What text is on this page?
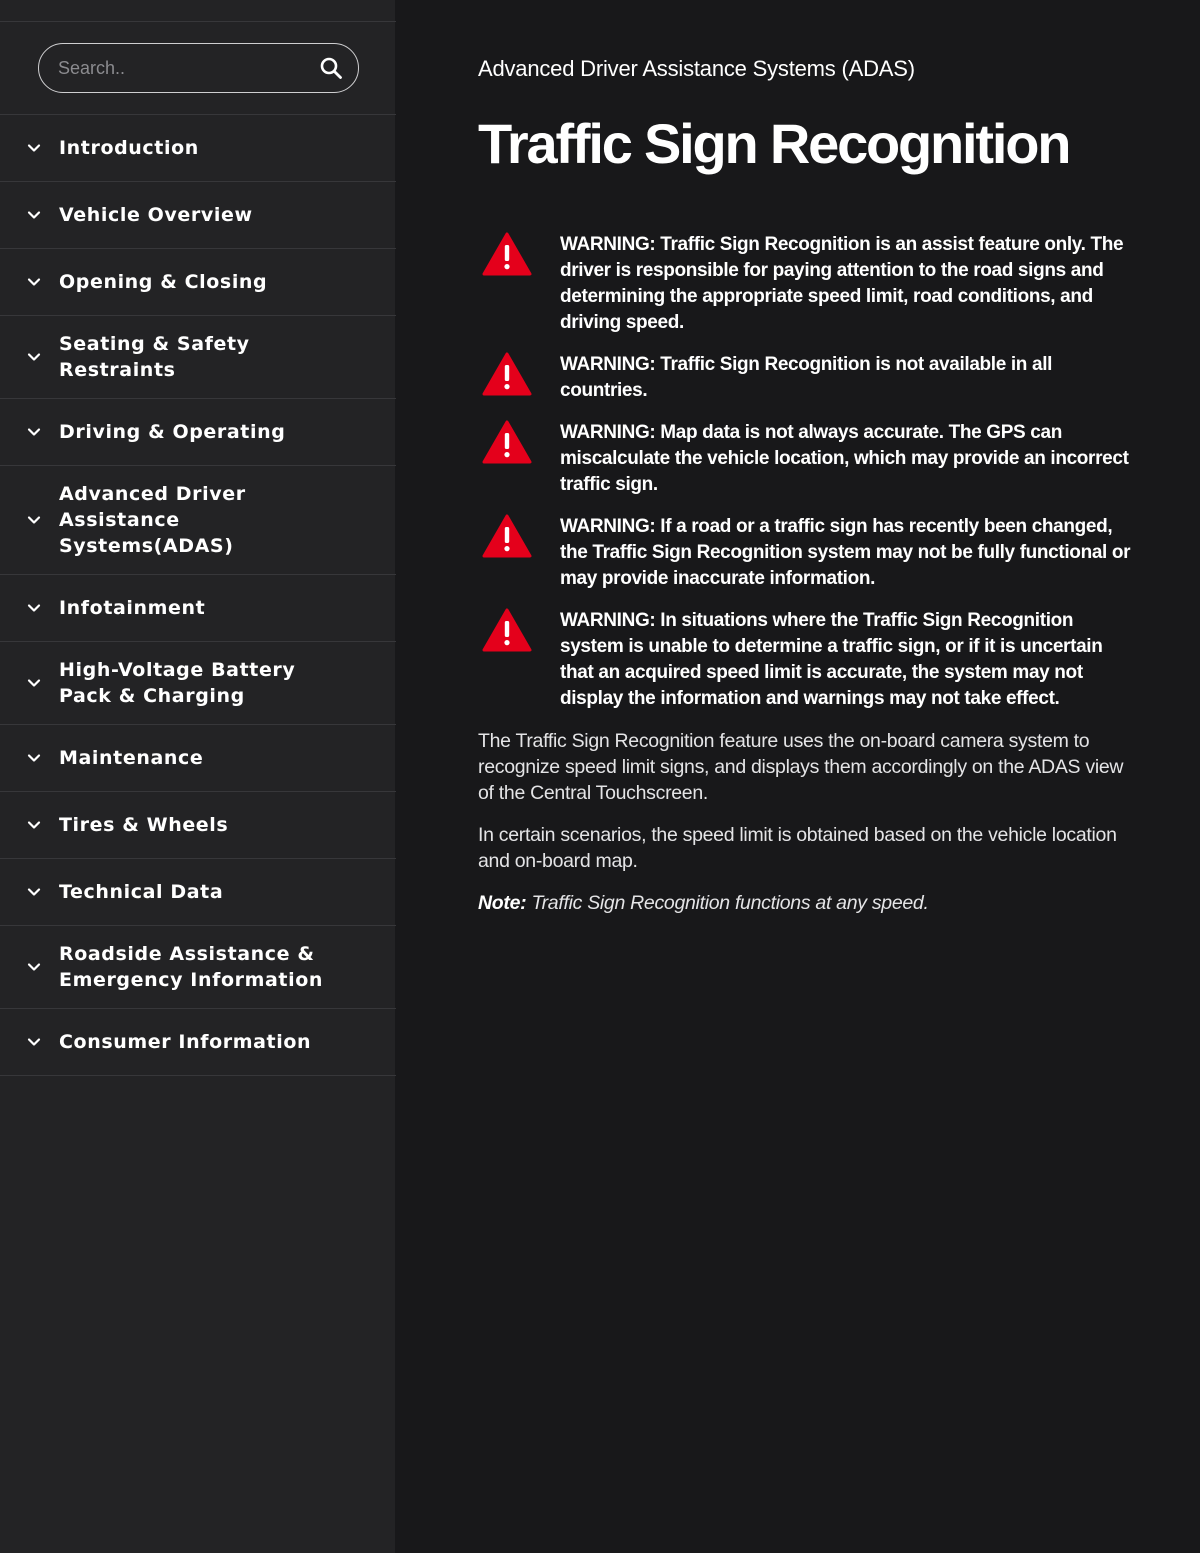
Search..
Introduction
Vehicle Overview
Opening & Closing
Seating & Safety Restraints
Driving & Operating
Advanced Driver Assistance Systems(ADAS)
Infotainment
High-Voltage Battery Pack & Charging
Maintenance
Tires & Wheels
Technical Data
Roadside Assistance & Emergency Information
Consumer Information
Advanced Driver Assistance Systems (ADAS)
Traffic Sign Recognition

WARNING: Traffic Sign Recognition is an assist feature only. The driver is responsible for paying attention to the road signs and determining the appropriate speed limit, road conditions, and driving speed.

WARNING: Traffic Sign Recognition is not available in all countries.

WARNING: Map data is not always accurate. The GPS can miscalculate the vehicle location, which may provide an incorrect traffic sign.

WARNING: If a road or a traffic sign has recently been changed, the Traffic Sign Recognition system may not be fully functional or may provide inaccurate information.

WARNING: In situations where the Traffic Sign Recognition system is unable to determine a traffic sign, or if it is uncertain that an acquired speed limit is accurate, the system may not display the information and warnings may not take effect.

The Traffic Sign Recognition feature uses the on-board camera system to recognize speed limit signs, and displays them accordingly on the ADAS view of the Central Touchscreen.

In certain scenarios, the speed limit is obtained based on the vehicle location and on-board map.

Note: Traffic Sign Recognition functions at any speed.
